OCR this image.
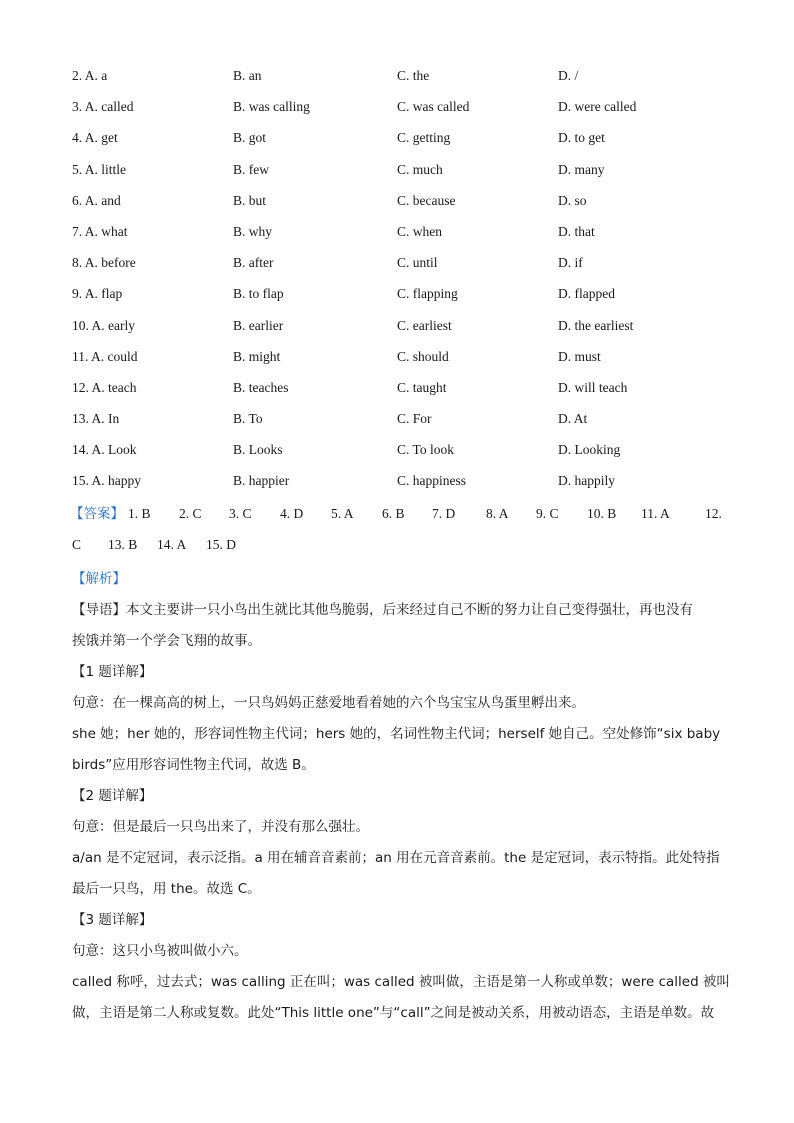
2. A. a	B. an	C. the	D. /
3. A. called	B. was calling	C. was called	D. were called
4. A. get	B. got	C. getting	D. to get
5. A. little	B. few	C. much	D. many
6. A. and	B. but	C. because	D. so
7. A. what	B. why	C. when	D. that
8. A. before	B. after	C. until	D. if
9. A. flap	B. to flap	C. flapping	D. flapped
10. A. early	B. earlier	C. earliest	D. the earliest
11. A. could	B. might	C. should	D. must
12. A. teach	B. teaches	C. taught	D. will teach
13. A. In	B. To	C. For	D. At
14. A. Look	B. Looks	C. To look	D. Looking
15. A. happy	B. happier	C. happiness	D. happily
【答案】 1. B 2. C 3. C 4. D 5. A 6. B 7. D 8. A 9. C 10. B 11. A	12.
C 13. B 14. A 15. D

【解析】

【导语】本文主要讲一只小鸟出生就比其他鸟脆弱，后来经过自己不断的努力让自己变得强壮，再也没有

挨饿并第一个学会飞翔的故事。

【1 题详解】

句意：在一棵高高的树上，一只鸟妈妈正慈爱地看着她的六个鸟宝宝从鸟蛋里孵出来。

she 她；her 她的，形容词性物主代词；hers 她的，名词性物主代词；herself 她自己。空处修饰“six baby

birds”应用形容词性物主代词，故选 B。

【2 题详解】

句意：但是最后一只鸟出来了，并没有那么强壮。

a/an 是不定冠词，表示泛指。a 用在辅音音素前；an 用在元音音素前。the 是定冠词，表示特指。此处特指

最后一只鸟，用 the。故选 C。

【3 题详解】

句意：这只小鸟被叫做小六。

called 称呼，过去式；was calling 正在叫；was called 被叫做，主语是第一人称或单数；were called 被叫

做，主语是第二人称或复数。此处“This little one”与“call”之间是被动关系，用被动语态，主语是单数。故
